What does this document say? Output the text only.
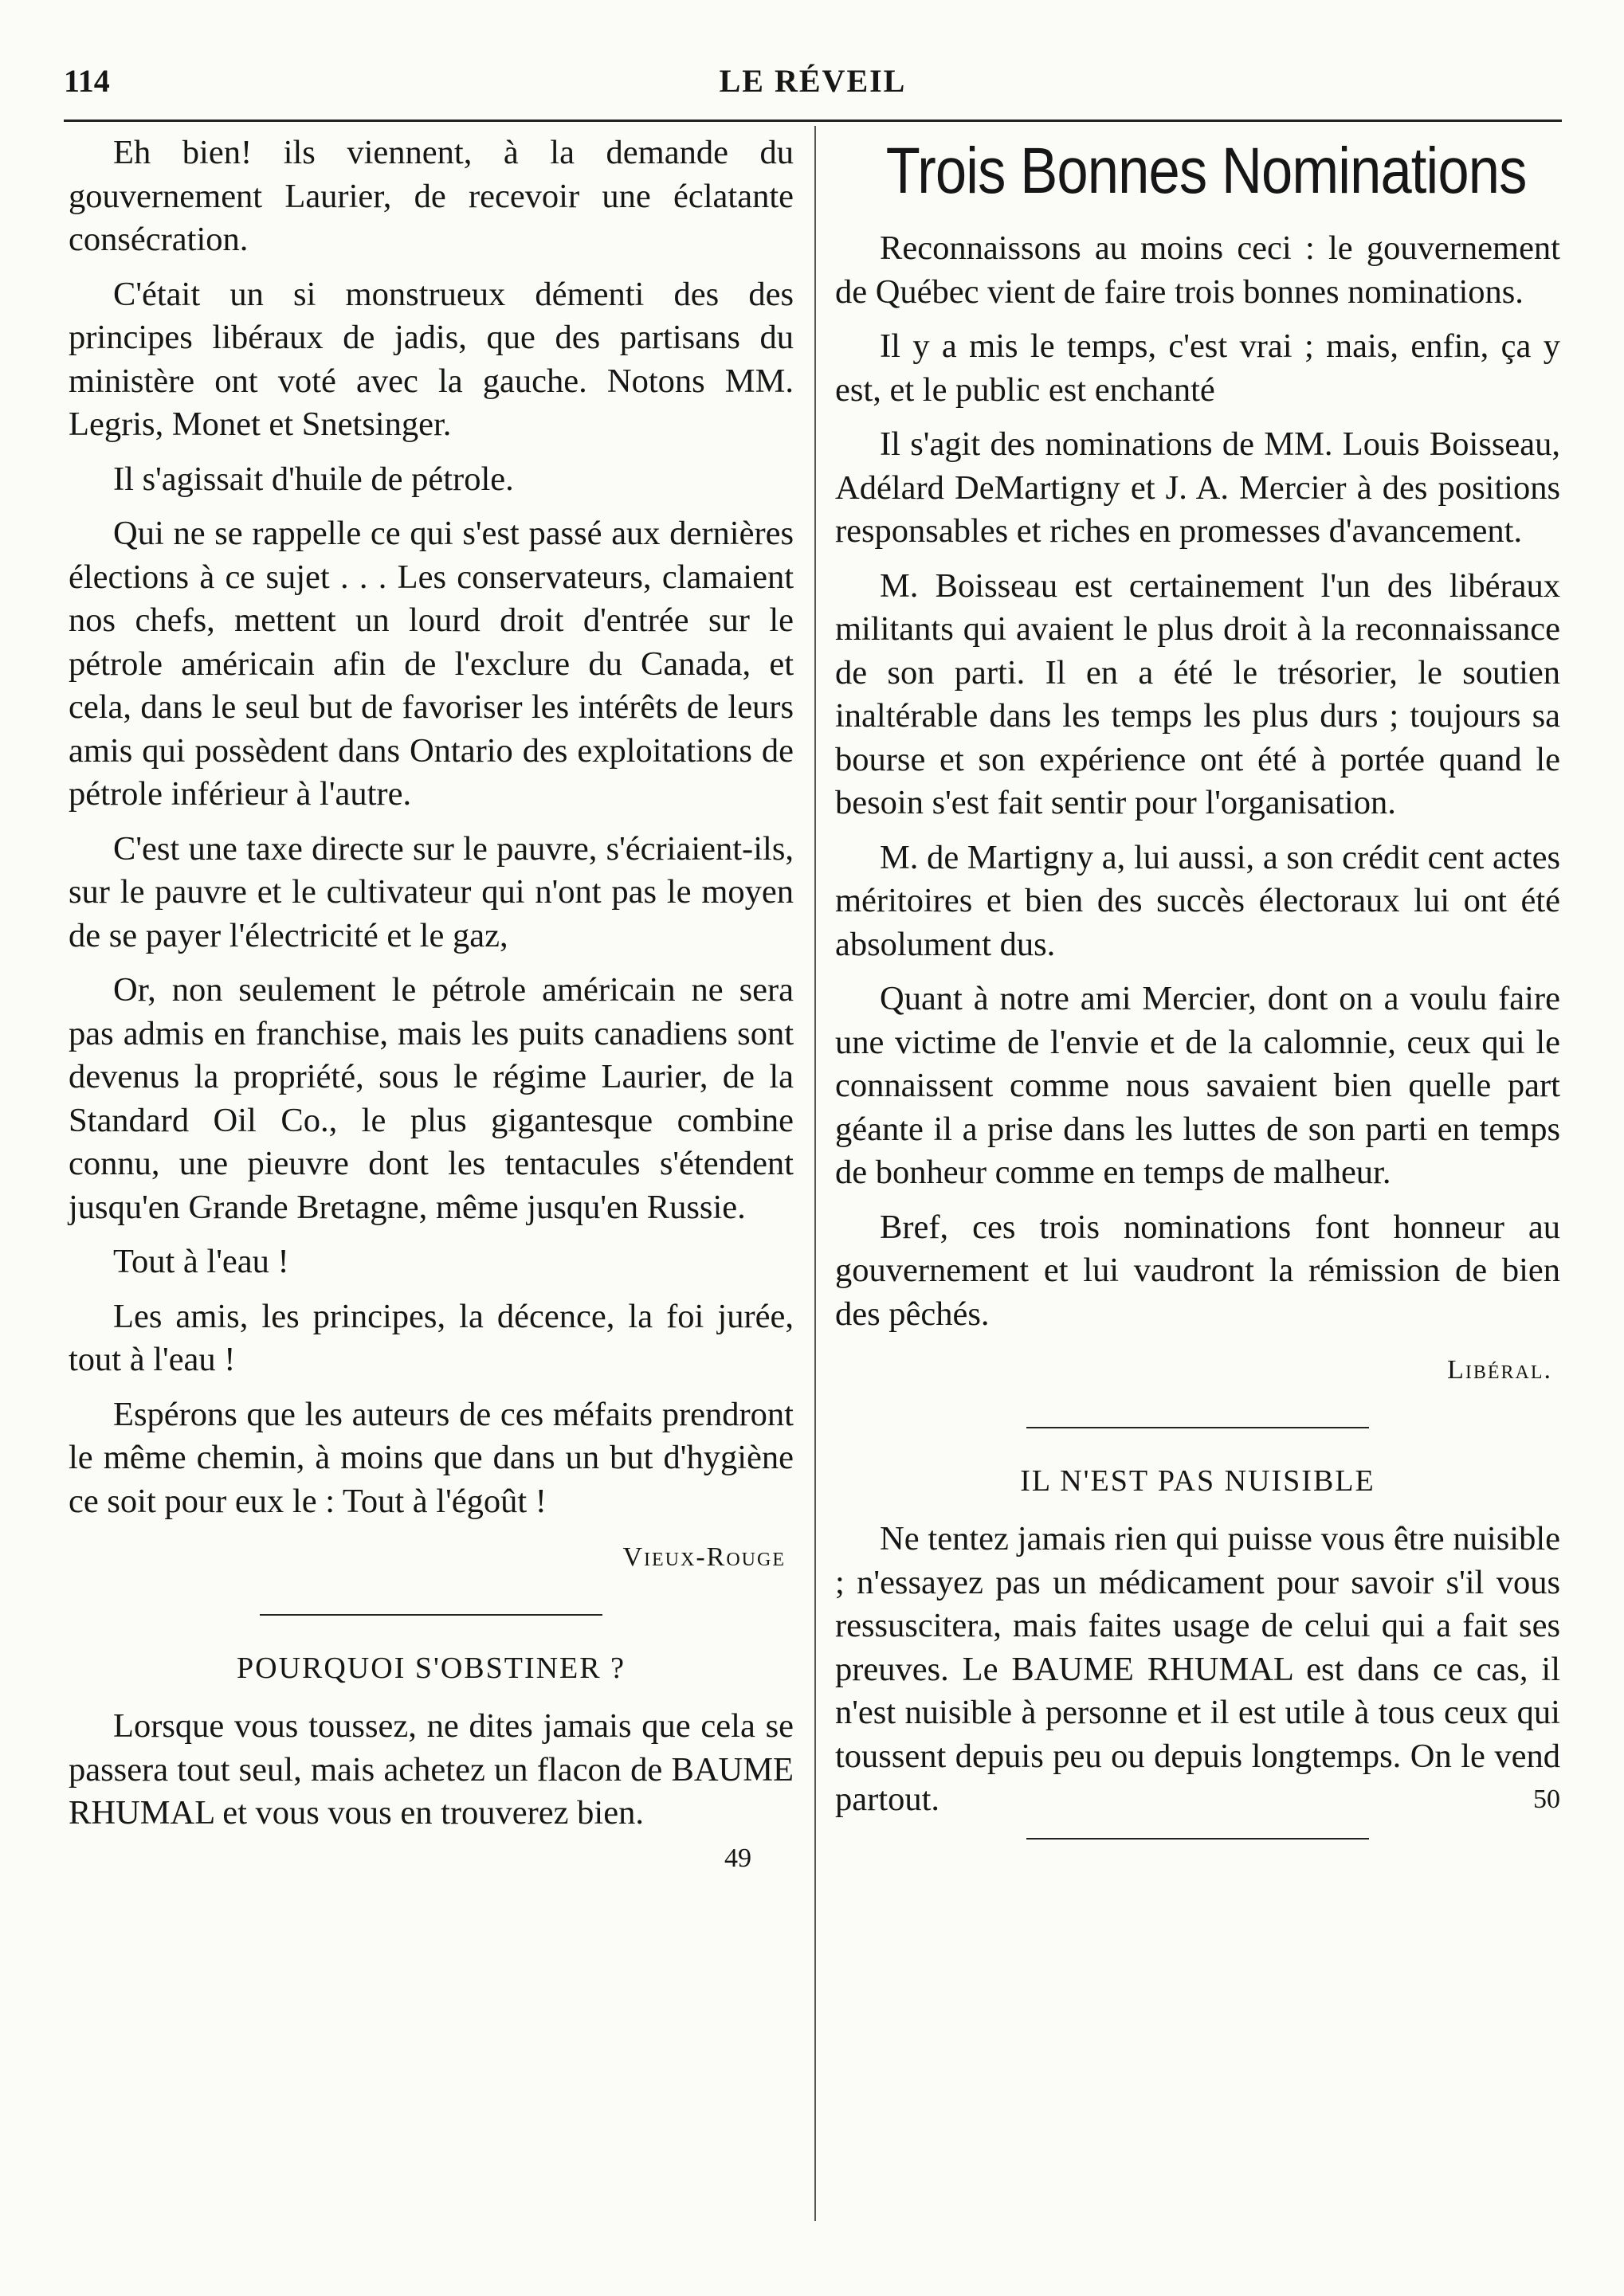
114	LE RÉVEIL

Eh bien! ils viennent, à la demande du gouvernement Laurier, de recevoir une éclatante consécration.

C'était un si monstrueux démenti des des principes libéraux de jadis, que des partisans du ministère ont voté avec la gauche. Notons MM. Legris, Monet et Snetsinger.

Il s'agissait d'huile de pétrole.

Qui ne se rappelle ce qui s'est passé aux dernières élections à ce sujet . . . Les conservateurs, clamaient nos chefs, mettent un lourd droit d'entrée sur le pétrole américain afin de l'exclure du Canada, et cela, dans le seul but de favoriser les intérêts de leurs amis qui possèdent dans Ontario des exploitations de pétrole inférieur à l'autre.

C'est une taxe directe sur le pauvre, s'écriaient-ils, sur le pauvre et le cultivateur qui n'ont pas le moyen de se payer l'électricité et le gaz,

Or, non seulement le pétrole américain ne sera pas admis en franchise, mais les puits canadiens sont devenus la propriété, sous le régime Laurier, de la Standard Oil Co., le plus gigantesque combine connu, une pieuvre dont les tentacules s'étendent jusqu'en Grande Bretagne, même jusqu'en Russie.

Tout à l'eau !

Les amis, les principes, la décence, la foi jurée, tout à l'eau !

Espérons que les auteurs de ces méfaits prendront le même chemin, à moins que dans un but d'hygiène ce soit pour eux le : Tout à l'égoût !

Vieux-Rouge
POURQUOI S'OBSTINER ?

Lorsque vous toussez, ne dites jamais que cela se passera tout seul, mais achetez un flacon de BAUME RHUMAL et vous vous en trouverez bien.

49
Trois Bonnes Nominations

Reconnaissons au moins ceci : le gouvernement de Québec vient de faire trois bonnes nominations.

Il y a mis le temps, c'est vrai ; mais, enfin, ça y est, et le public est enchanté

Il s'agit des nominations de MM. Louis Boisseau, Adélard DeMartigny et J. A. Mercier à des positions responsables et riches en promesses d'avancement.

M. Boisseau est certainement l'un des libéraux militants qui avaient le plus droit à la reconnaissance de son parti. Il en a été le trésorier, le soutien inaltérable dans les temps les plus durs ; toujours sa bourse et son expérience ont été à portée quand le besoin s'est fait sentir pour l'organisation.

M. de Martigny a, lui aussi, a son crédit cent actes méritoires et bien des succès électoraux lui ont été absolument dus.

Quant à notre ami Mercier, dont on a voulu faire une victime de l'envie et de la calomnie, ceux qui le connaissent comme nous savaient bien quelle part géante il a prise dans les luttes de son parti en temps de bonheur comme en temps de malheur.

Bref, ces trois nominations font honneur au gouvernement et lui vaudront la rémission de bien des pêchés.

Libéral.
IL N'EST PAS NUISIBLE

Ne tentez jamais rien qui puisse vous être nuisible ; n'essayez pas un médicament pour savoir s'il vous ressuscitera, mais faites usage de celui qui a fait ses preuves. Le BAUME RHUMAL est dans ce cas, il n'est nuisible à personne et il est utile à tous ceux qui toussent depuis peu ou depuis longtemps. On le vend partout.	50
